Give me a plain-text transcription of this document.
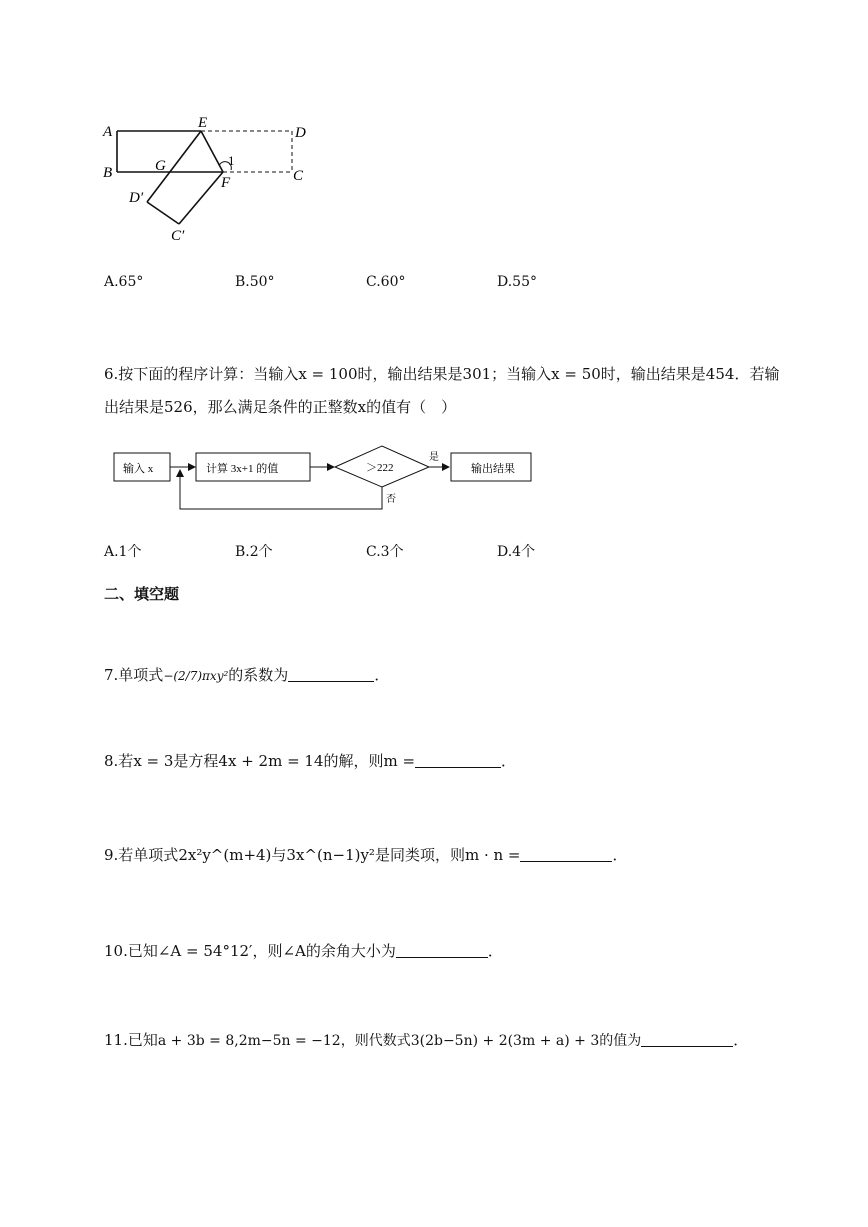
A
B
E
D
G	1
F	C
D′
C′
A.65°	B.50°	C.60°	D.55°
6.按下面的程序计算：当输入x = 100时，输出结果是301；当输入x = 50时，输出结果是454．若输
出结果是526，那么满足条件的正整数x的值有（　）
输入 x	计算 3x+1 的值	＞222
是
输出结果
否
A.1个	B.2个	C.3个	D.4个
二、填空题
7.单项式−(2/7)πxy²的系数为	．
8.若x = 3是方程4x + 2m = 14的解，则m =	．
9.若单项式2x²y^(m+4)与3x^(n−1)y²是同类项，则m · n =	．
10.已知∠A = 54°12′，则∠A的余角大小为	．
11.已知a + 3b = 8,2m−5n = −12，则代数式3(2b−5n) + 2(3m + a) + 3的值为	．
